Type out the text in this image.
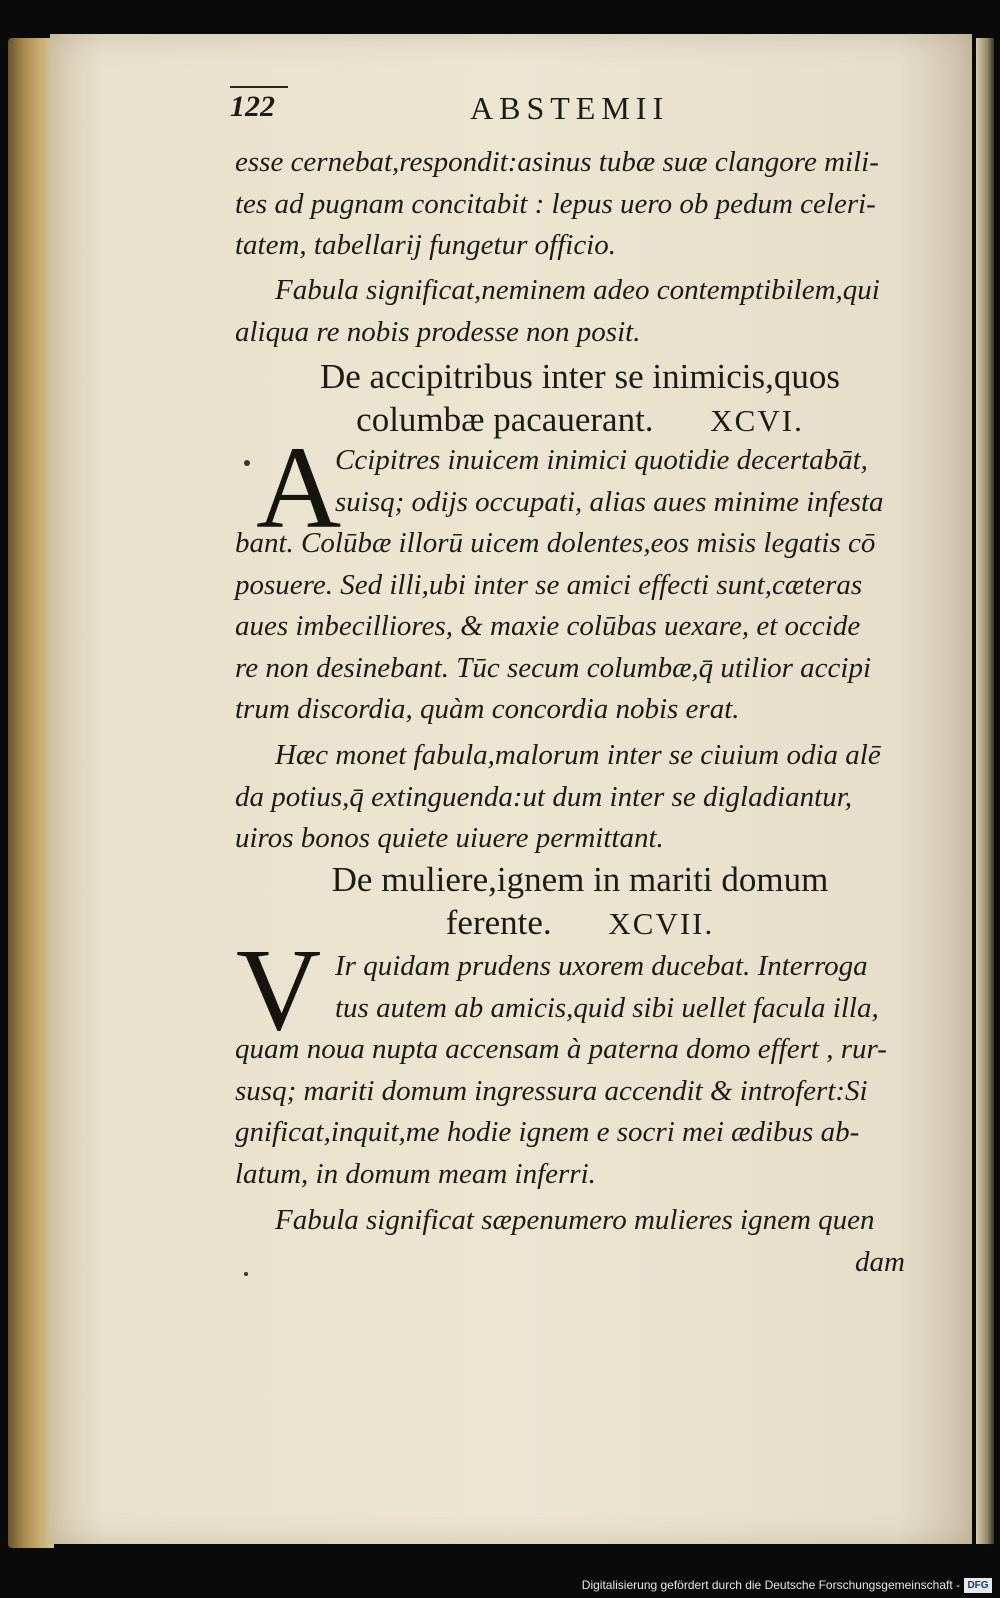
122	ABSTEMII
esse cernebat,respondit:asinus tubæ suæ clangore mili-
tes ad pugnam concitabit : lepus uero ob pedum celeri-
tatem, tabellarij fungetur officio.
Fabula significat,neminem adeo contemptibilem,qui
aliqua re nobis prodesse non posit.
De accipitribus inter se inimicis,quos
columbæ pacauerant. XCVI.
A
Ccipitres inuicem inimici quotidie decertabāt,
suisq; odijs occupati, alias aues minime infesta
bant. Colūbæ illorū uicem dolentes,eos misis legatis cō
posuere. Sed illi,ubi inter se amici effecti sunt,cæteras
aues imbecilliores, & maxie colūbas uexare, et occide
re non desinebant. Tūc secum columbæ,q̄ utilior accipi
trum discordia, quàm concordia nobis erat.
Hæc monet fabula,malorum inter se ciuium odia alē
da potius,q̄ extinguenda:ut dum inter se digladiantur,
uiros bonos quiete uiuere permittant.
De muliere,ignem in mariti domum
ferente. XCVII.
V Ir quidam prudens uxorem ducebat. Interroga
tus autem ab amicis,quid sibi uellet facula illa,
quam noua nupta accensam à paterna domo effert , rur-
susq; mariti domum ingressura accendit & introfert:Si
gnificat,inquit,me hodie ignem e socri mei ædibus ab-
latum, in domum meam inferri.
Fabula significat sæpenumero mulieres ignem quen
dam
Digitalisierung gefördert durch die Deutsche Forschungsgemeinschaft - DFG
